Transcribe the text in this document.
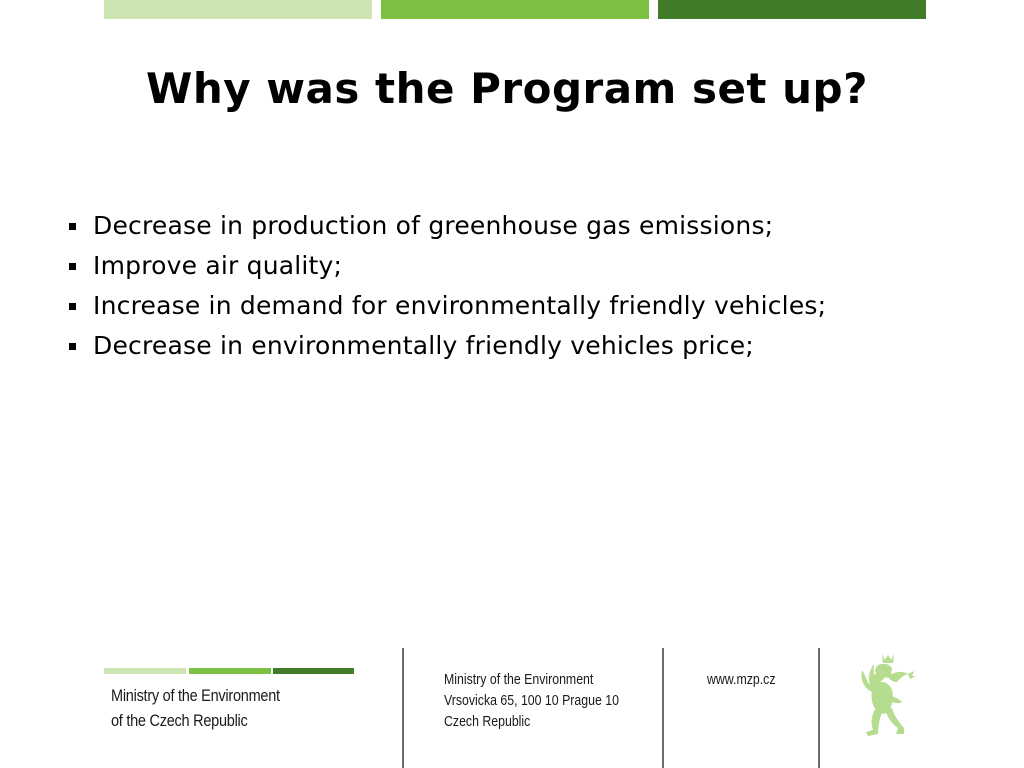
Why was the Program set up?
Decrease in production of greenhouse gas emissions;
Improve air quality;
Increase in demand for environmentally friendly vehicles;
Decrease in environmentally friendly vehicles price;
Ministry of the Environment
of the Czech Republic
Ministry of the Environment
Vrsovicka 65, 100 10 Prague 10
Czech Republic
www.mzp.cz
